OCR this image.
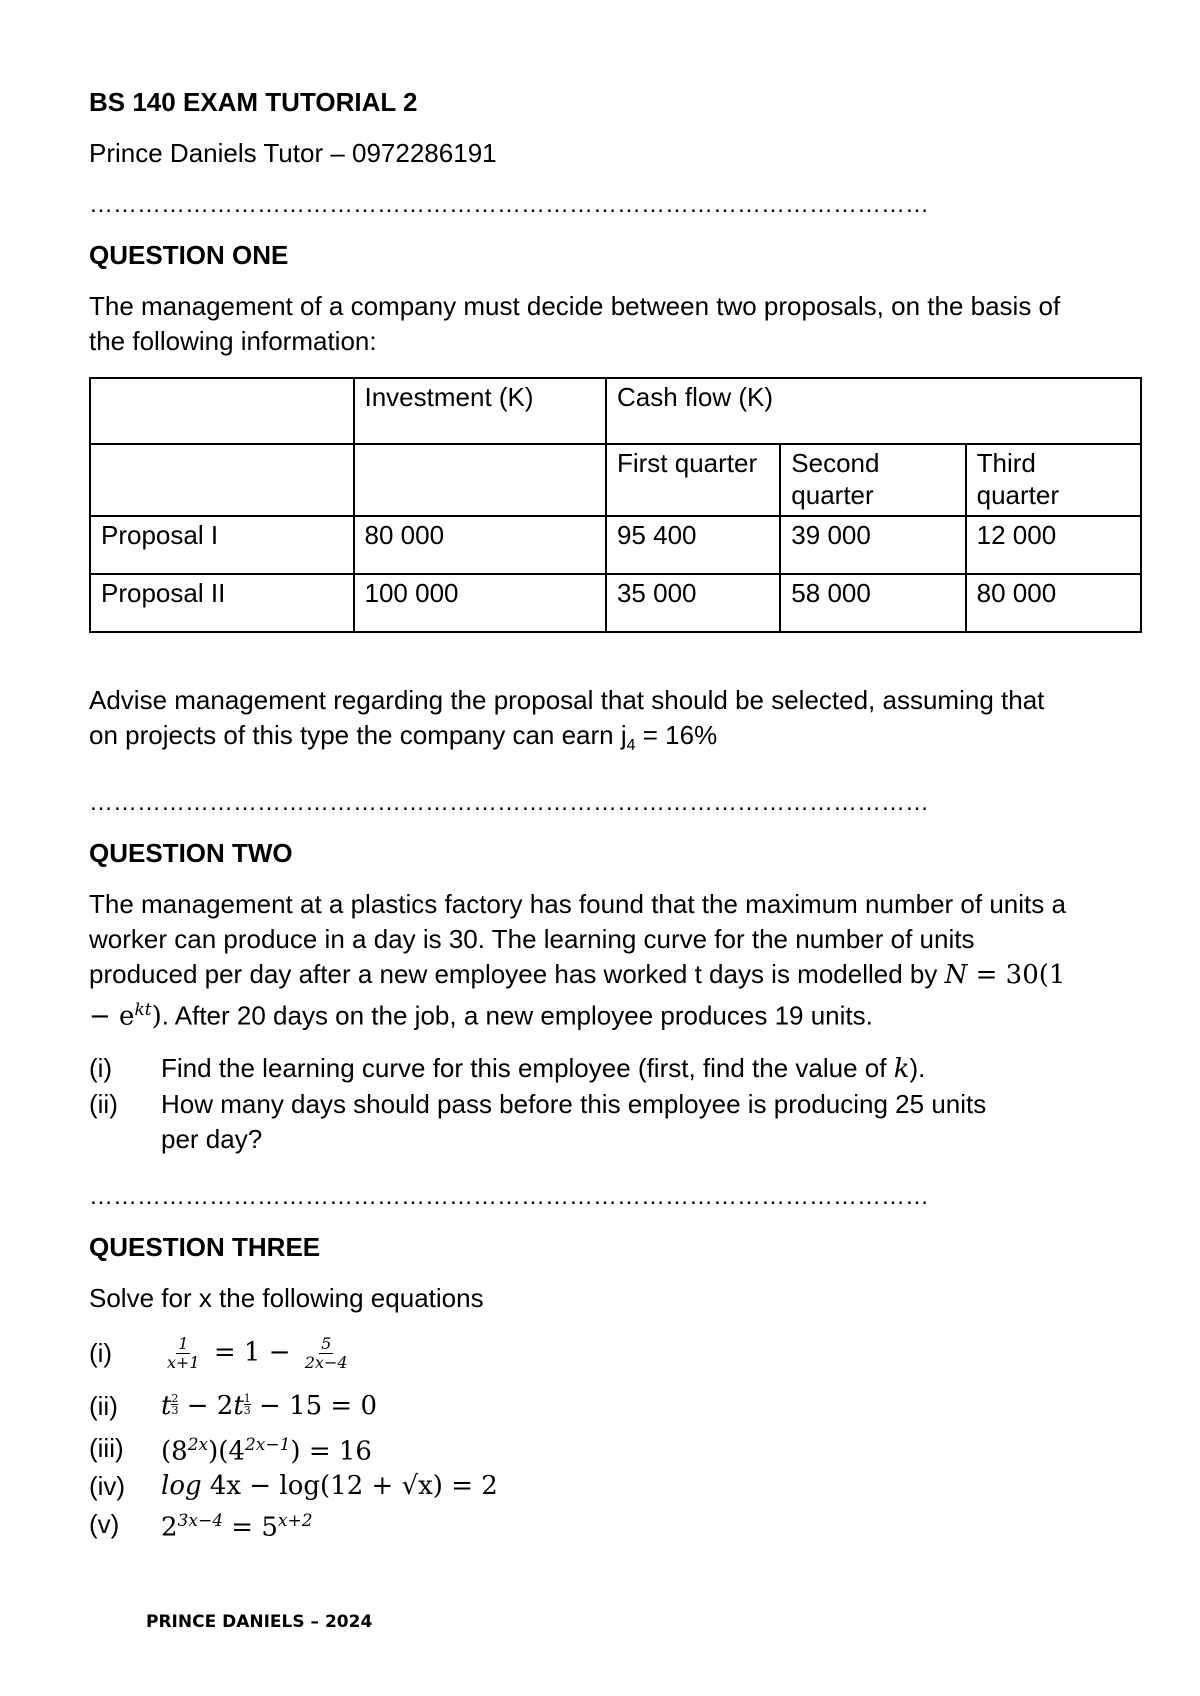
BS 140 EXAM TUTORIAL 2

Prince Daniels Tutor – 0972286191

……………………………………………………………………………………………

QUESTION ONE

The management of a company must decide between two proposals, on the basis of the following information:

	Investment (K)	Cash flow (K)		
		First quarter	Second quarter	Third quarter
Proposal I	80 000	95 400	39 000	12 000
Proposal II	100 000	35 000	58 000	80 000

Advise management regarding the proposal that should be selected, assuming that on projects of this type the company can earn $j_4 = 16\%$

……………………………………………………………………………………………

QUESTION TWO

The management at a plastics factory has found that the maximum number of units a worker can produce in a day is 30. The learning curve for the number of units produced per day after a new employee has worked t days is modelled by $N = 30(1 - e^{kt})$. After 20 days on the job, a new employee produces 19 units.

(i)	Find the learning curve for this employee (first, find the value of k).
(ii)	How many days should pass before this employee is producing 25 units per day?
……………………………………………………………………………………………

QUESTION THREE

Solve for x the following equations

(i)	$\frac{1}{x+1} = 1 - \frac{5}{2x-4}$
(ii)	t $^{\frac{2}{3}}$ − 2t $^{\frac{1}{3}}$ − 15 = 0
(iii)	$(8^{2x})(4^{2x-1}) = 16$
(iv)	log 4x − log(12 + √x) = 2
(v)	$2^{3x-4} = 5^{x+2}$
PRINCE DANIELS – 2024
